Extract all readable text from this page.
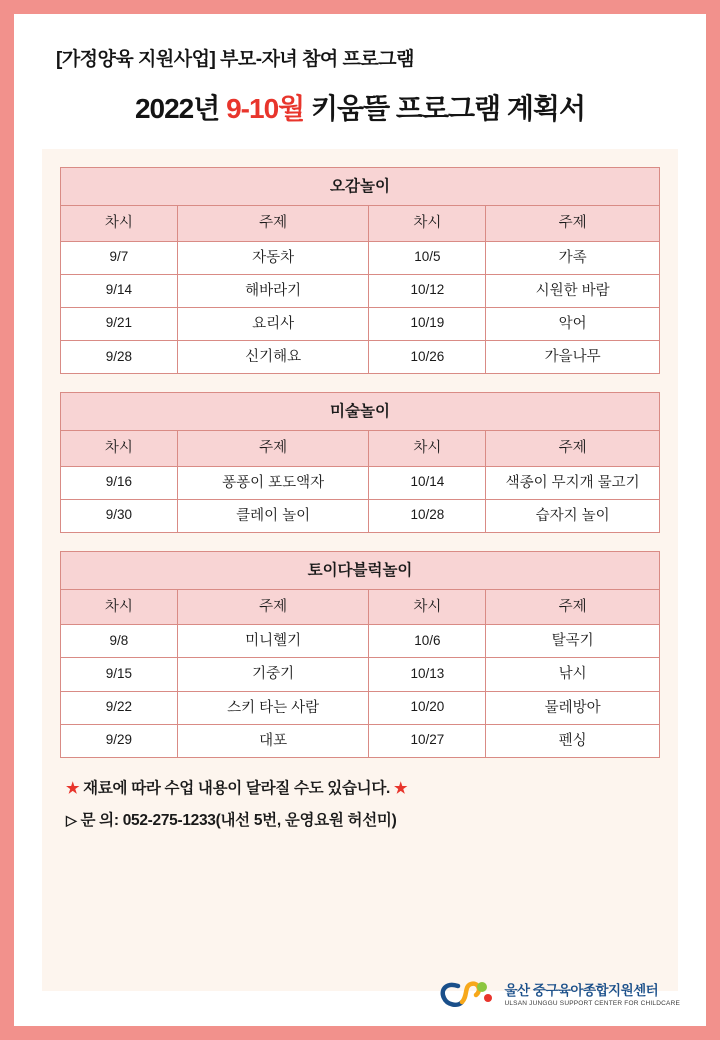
[가정양육 지원사업] 부모-자녀 참여 프로그램
2022년 9-10월 키움뜰 프로그램 계획서
오감놀이			
차시	주제	차시	주제
9/7	자동차	10/5	가족
9/14	해바라기	10/12	시원한 바람
9/21	요리사	10/19	악어
9/28	신기해요	10/26	가을나무
미술놀이			
차시	주제	차시	주제
9/16	퐁퐁이 포도액자	10/14	색종이 무지개 물고기
9/30	클레이 놀이	10/28	습자지 놀이
토이다블럭놀이			
차시	주제	차시	주제
9/8	미니헬기	10/6	탈곡기
9/15	기중기	10/13	낚시
9/22	스키 타는 사람	10/20	물레방아
9/29	대포	10/27	펜싱
★ 재료에 따라 수업 내용이 달라질 수도 있습니다. ★
▷ 문 의: 052-275-1233(내선 5번, 운영요원 허선미)
울산 중구육아종합지원센터
ULSAN JUNGGU SUPPORT CENTER FOR CHILDCARE
